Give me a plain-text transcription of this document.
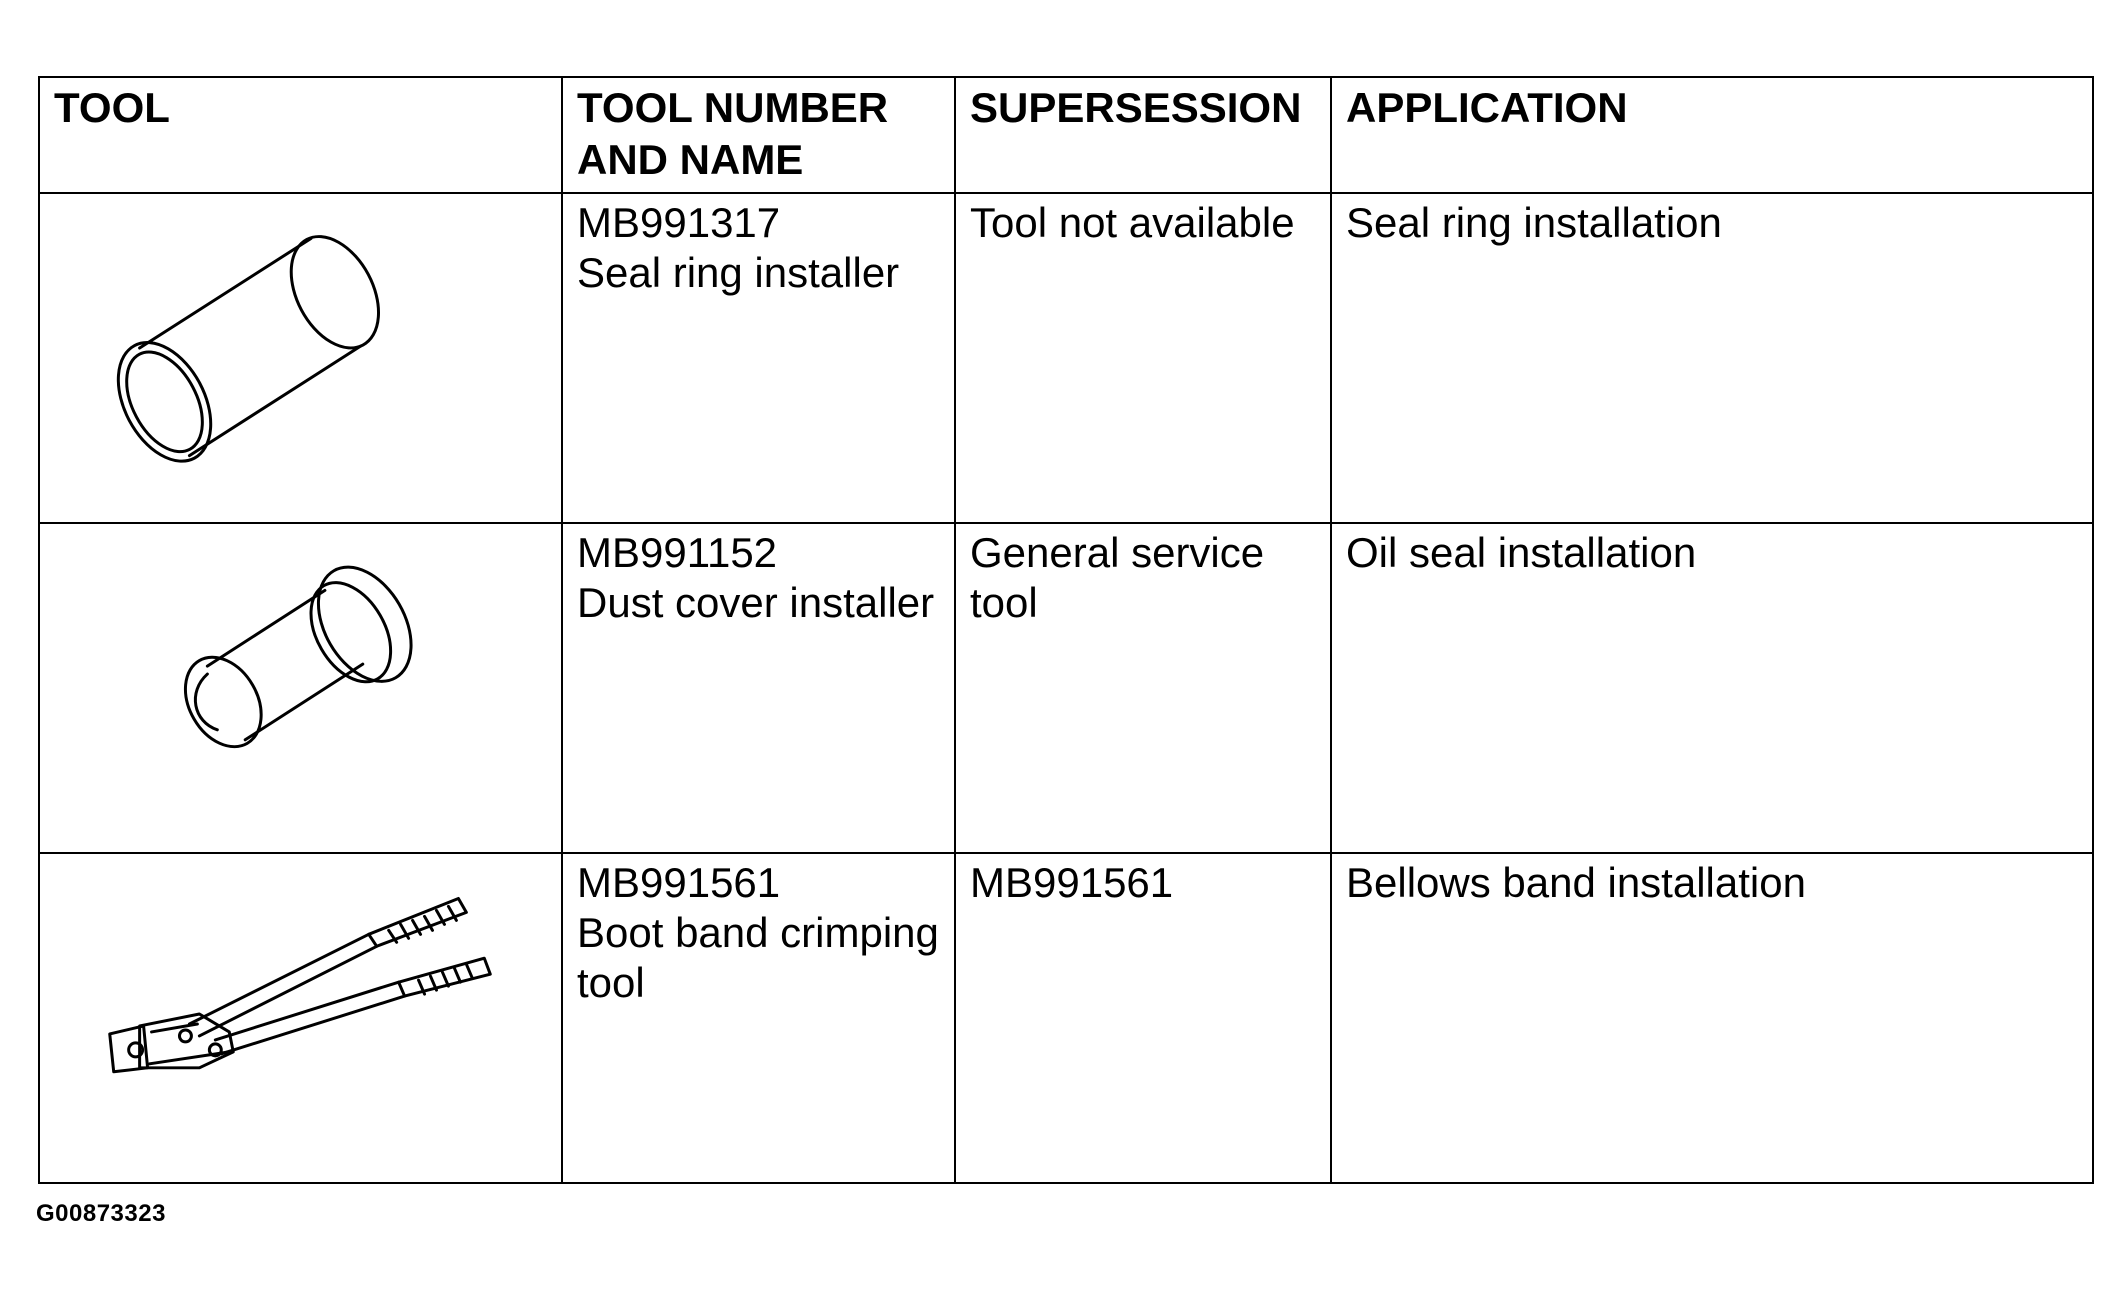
TOOL	TOOL NUMBER AND NAME	SUPERSESSION	APPLICATION

MB991317
Seal ring installer	Tool not available	Seal ring installation

MB991152
Dust cover installer	General service tool	Oil seal installation

MB991561
Boot band crimping tool	MB991561	Bellows band installation
G00873323
